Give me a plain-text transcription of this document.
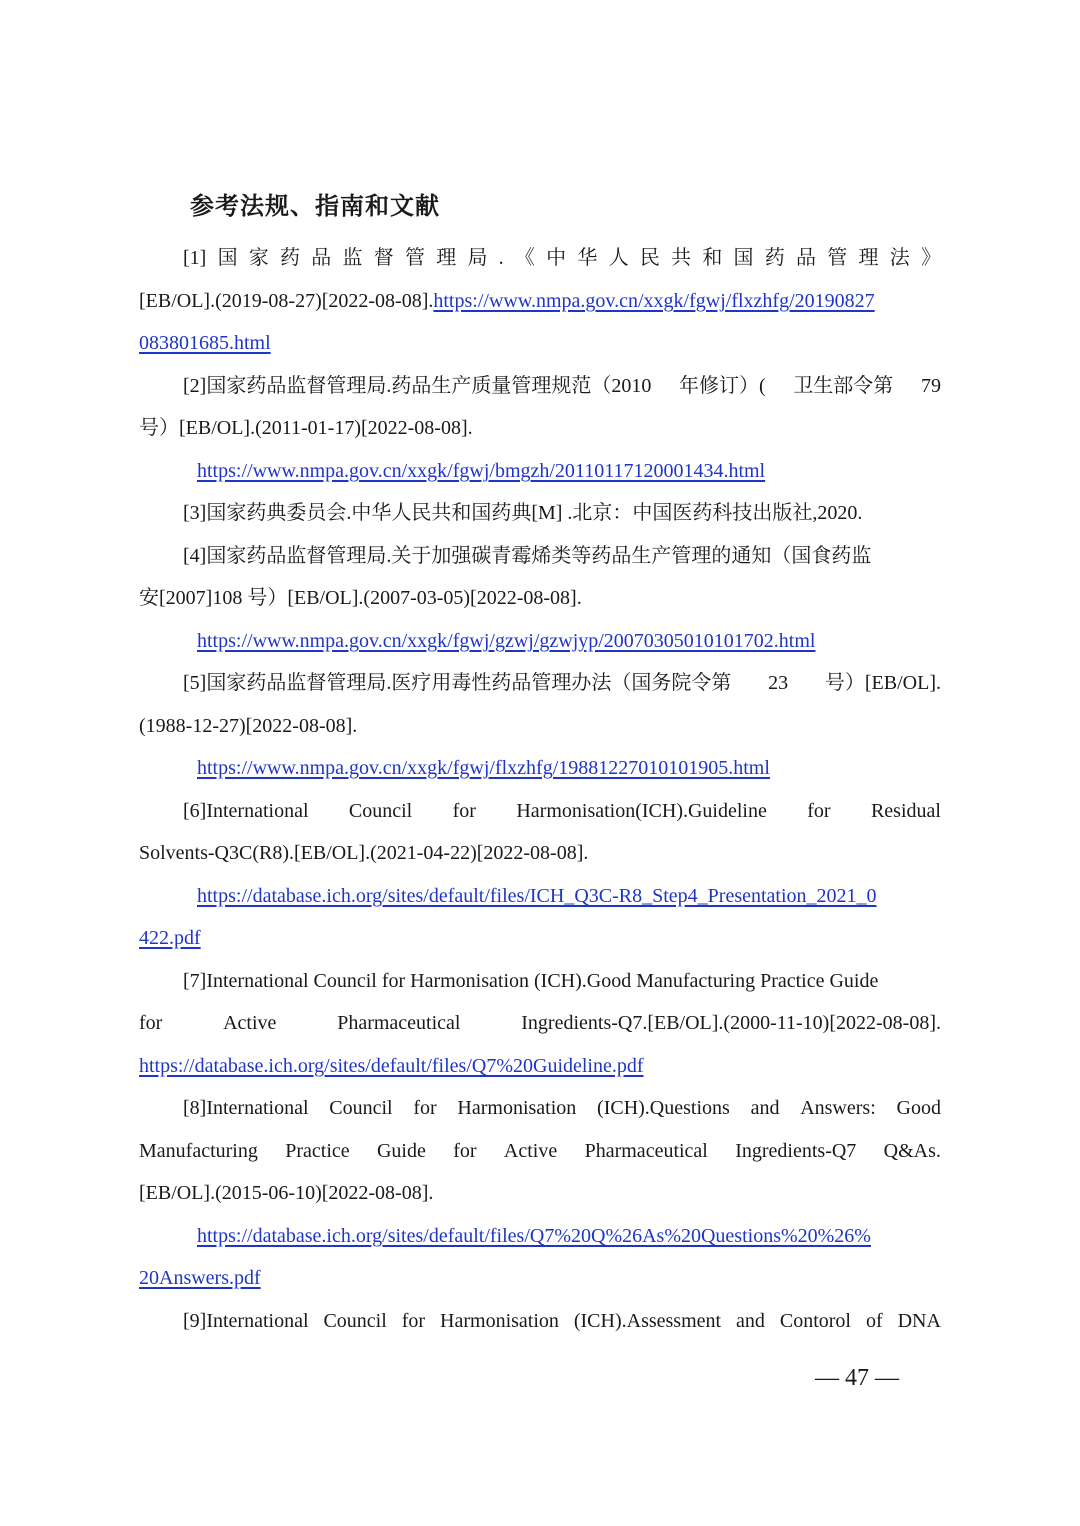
参考法规、指南和文献
[1] 国 家 药 品 监 督 管 理 局 . 《 中 华 人 民 共 和 国 药 品 管 理 法 》
[EB/OL].(2019-08-27)[2022-08-08].https://www.nmpa.gov.cn/xxgk/fgwj/flxzhfg/20190827
083801685.html
[2]国家药品监督管理局.药品生产质量管理规范（2010 年修订）( 卫生部令第 79
号）[EB/OL].(2011-01-17)[2022-08-08].
https://www.nmpa.gov.cn/xxgk/fgwj/bmgzh/20110117120001434.html
[3]国家药典委员会.中华人民共和国药典[M] .北京：中国医药科技出版社,2020.
[4]国家药品监督管理局.关于加强碳青霉烯类等药品生产管理的通知（国食药监
安[2007]108 号）[EB/OL].(2007-03-05)[2022-08-08].
https://www.nmpa.gov.cn/xxgk/fgwj/gzwj/gzwjyp/20070305010101702.html
[5]国家药品监督管理局.医疗用毒性药品管理办法（国务院令第 23 号）[EB/OL].
(1988-12-27)[2022-08-08].
https://www.nmpa.gov.cn/xxgk/fgwj/flxzhfg/19881227010101905.html
[6]International Council for Harmonisation(ICH).Guideline for Residual
Solvents-Q3C(R8).[EB/OL].(2021-04-22)[2022-08-08].
https://database.ich.org/sites/default/files/ICH_Q3C-R8_Step4_Presentation_2021_0
422.pdf
[7]International Council for Harmonisation (ICH).Good Manufacturing Practice Guide
for	Active	Pharmaceutical	Ingredients-Q7.[EB/OL].(2000-11-10)[2022-08-08].
https://database.ich.org/sites/default/files/Q7%20Guideline.pdf
[8]International Council for Harmonisation (ICH).Questions and Answers: Good
Manufacturing Practice Guide for Active Pharmaceutical Ingredients-Q7 Q&As.
[EB/OL].(2015-06-10)[2022-08-08].
https://database.ich.org/sites/default/files/Q7%20Q%26As%20Questions%20%26%
20Answers.pdf
[9]International Council for Harmonisation (ICH).Assessment and Contorol of DNA
— 47 —
